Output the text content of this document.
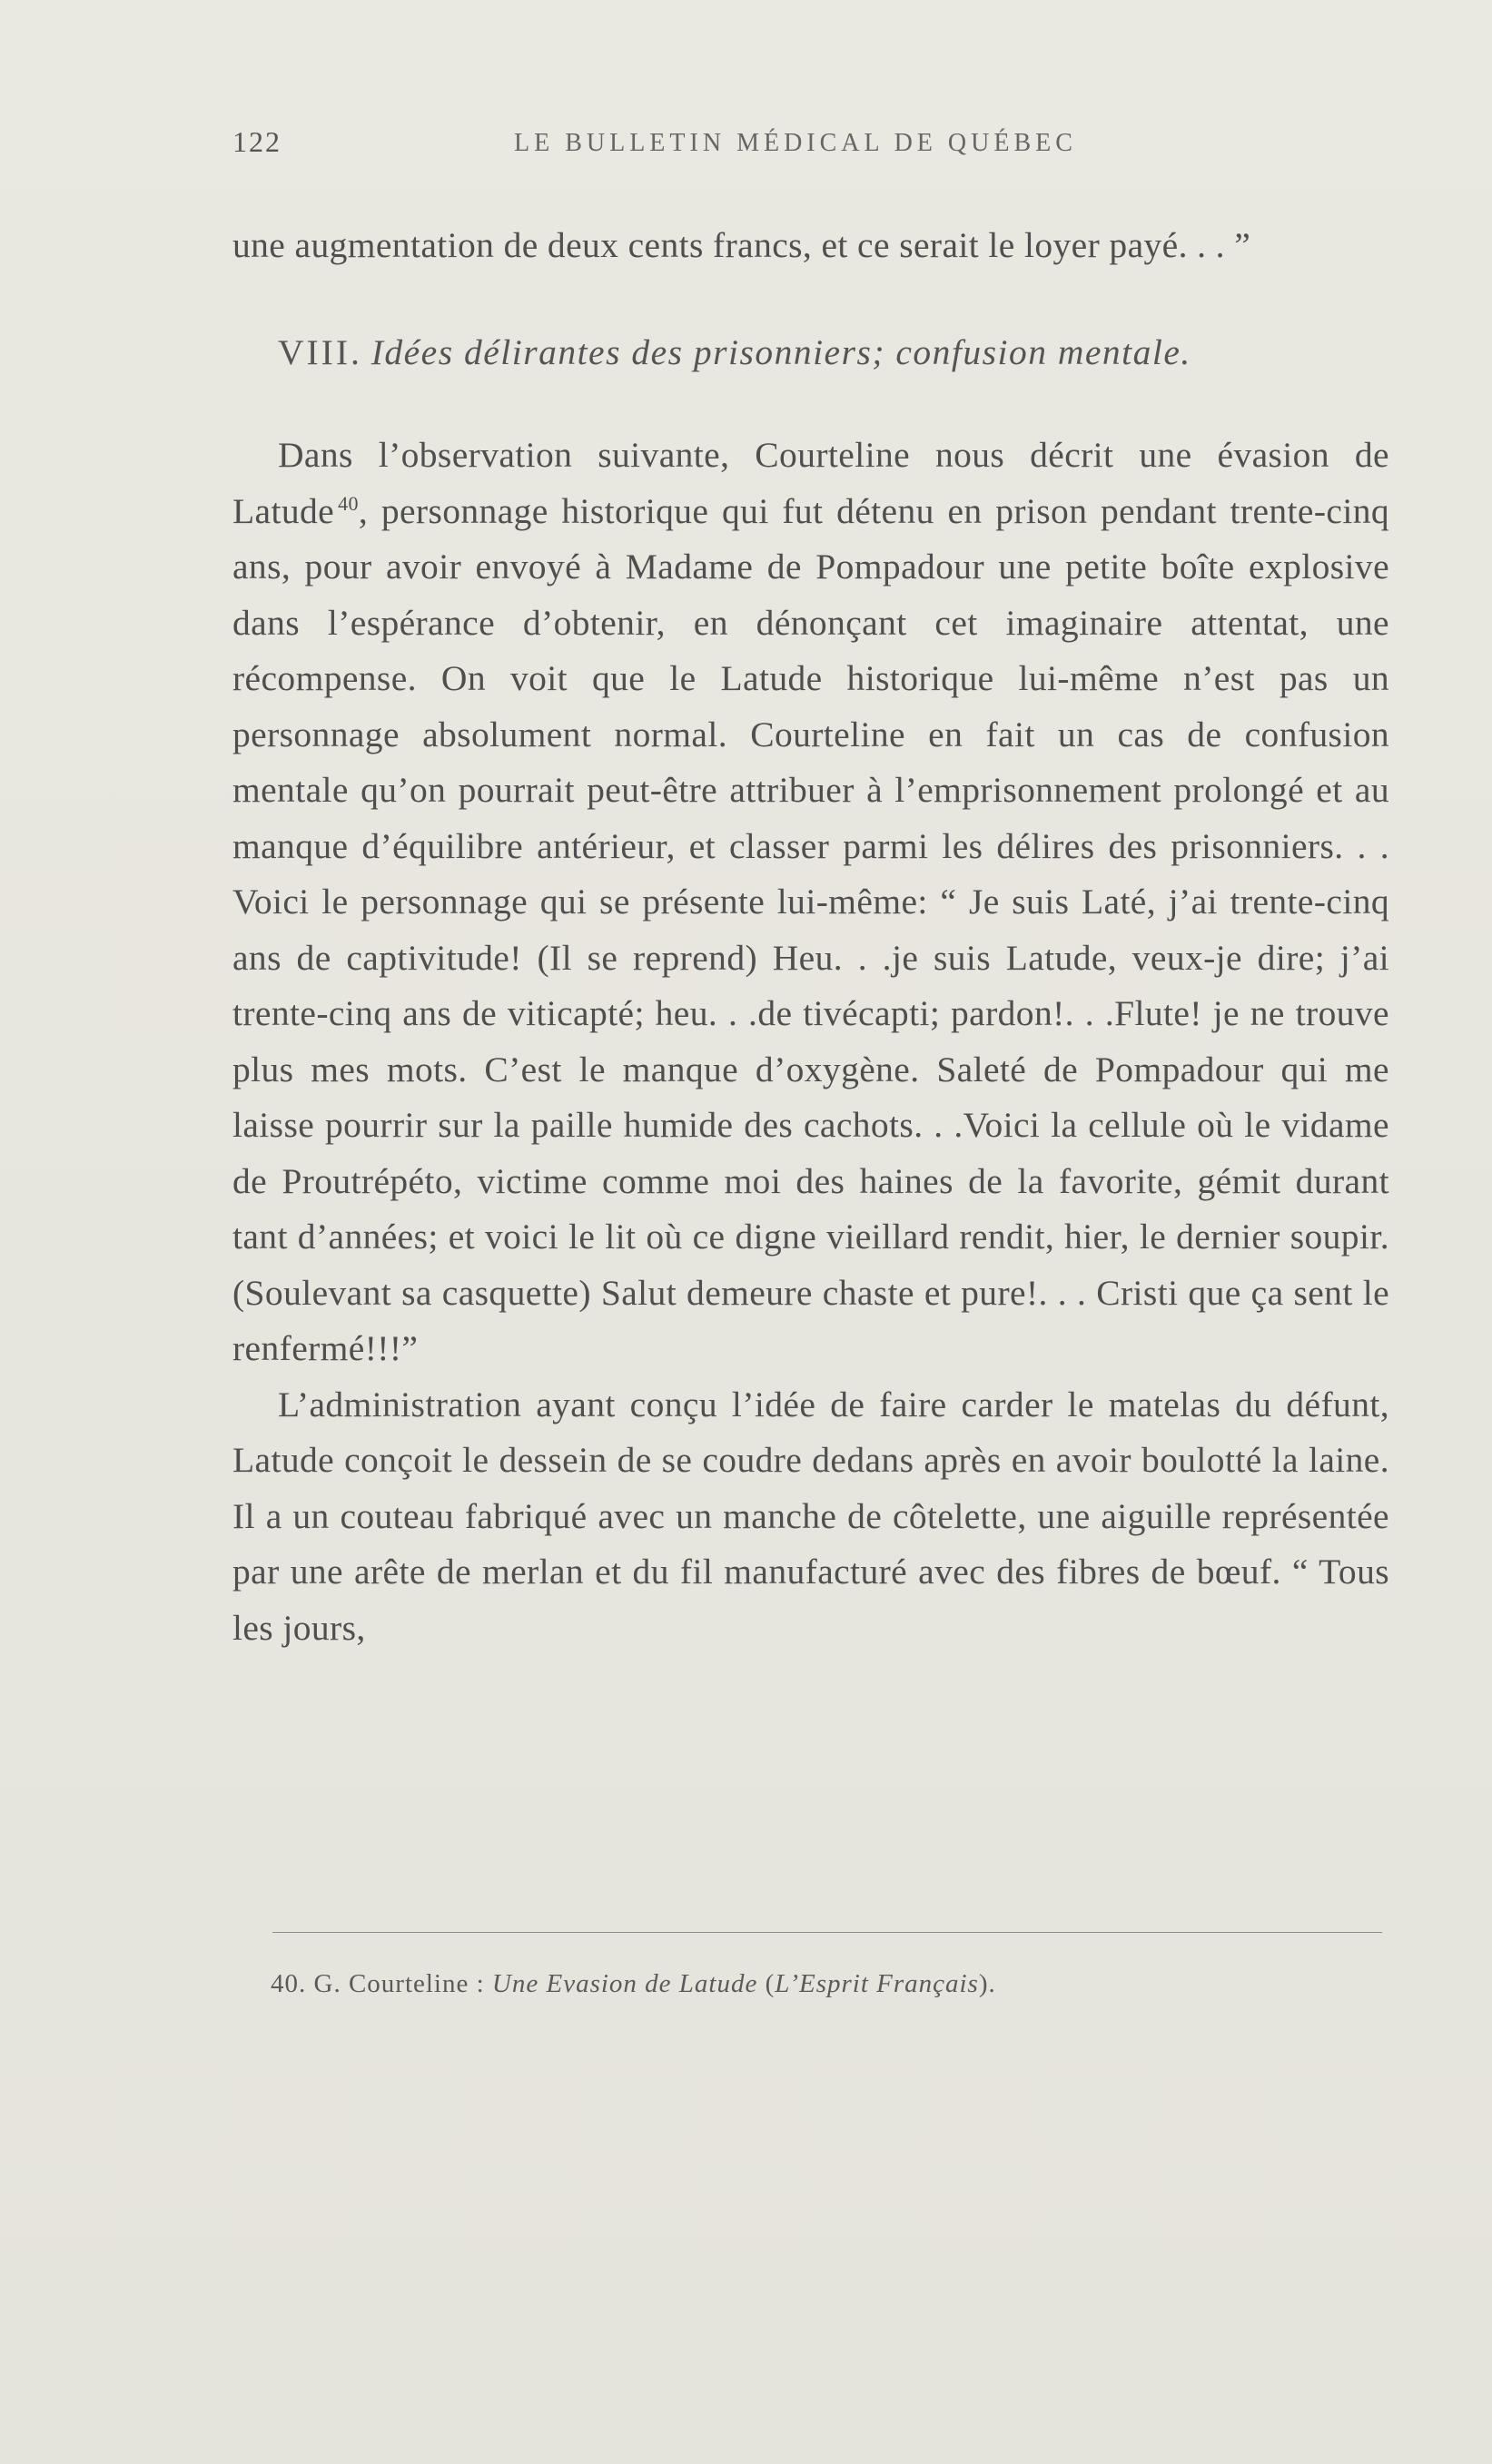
122	LE BULLETIN MÉDICAL DE QUÉBEC

une augmentation de deux cents francs, et ce serait le loyer payé. . . ”

VIII. Idées délirantes des prisonniers; confusion mentale.

Dans l’observation suivante, Courteline nous décrit une évasion de Latude $^{40}$, personnage historique qui fut détenu en prison pendant trente-cinq ans, pour avoir envoyé à Madame de Pompadour une petite boîte explosive dans l’espérance d’obtenir, en dénonçant cet imaginaire attentat, une récompense. On voit que le Latude historique lui-même n’est pas un personnage absolument normal. Courteline en fait un cas de confusion mentale qu’on pourrait peut-être attribuer à l’emprisonnement prolongé et au manque d’équilibre antérieur, et classer parmi les délires des prisonniers. . . Voici le personnage qui se présente lui-même: “ Je suis Laté, j’ai trente-cinq ans de captivitude! (Il se reprend) Heu. . .je suis Latude, veux-je dire; j’ai trente-cinq ans de viticapté; heu. . .de tivécapti; pardon!. . .Flute! je ne trouve plus mes mots. C’est le manque d’oxygène. Saleté de Pompadour qui me laisse pourrir sur la paille humide des cachots. . .Voici la cellule où le vidame de Proutrépéto, victime comme moi des haines de la favorite, gémit durant tant d’années; et voici le lit où ce digne vieillard rendit, hier, le dernier soupir. (Soulevant sa casquette) Salut demeure chaste et pure!. . . Cristi que ça sent le renfermé!!!”

L’administration ayant conçu l’idée de faire carder le matelas du défunt, Latude conçoit le dessein de se coudre dedans après en avoir boulotté la laine. Il a un couteau fabriqué avec un manche de côtelette, une aiguille représentée par une arête de merlan et du fil manufacturé avec des fibres de bœuf. “ Tous les jours,

40. G. Courteline : Une Evasion de Latude (L’Esprit Français).
